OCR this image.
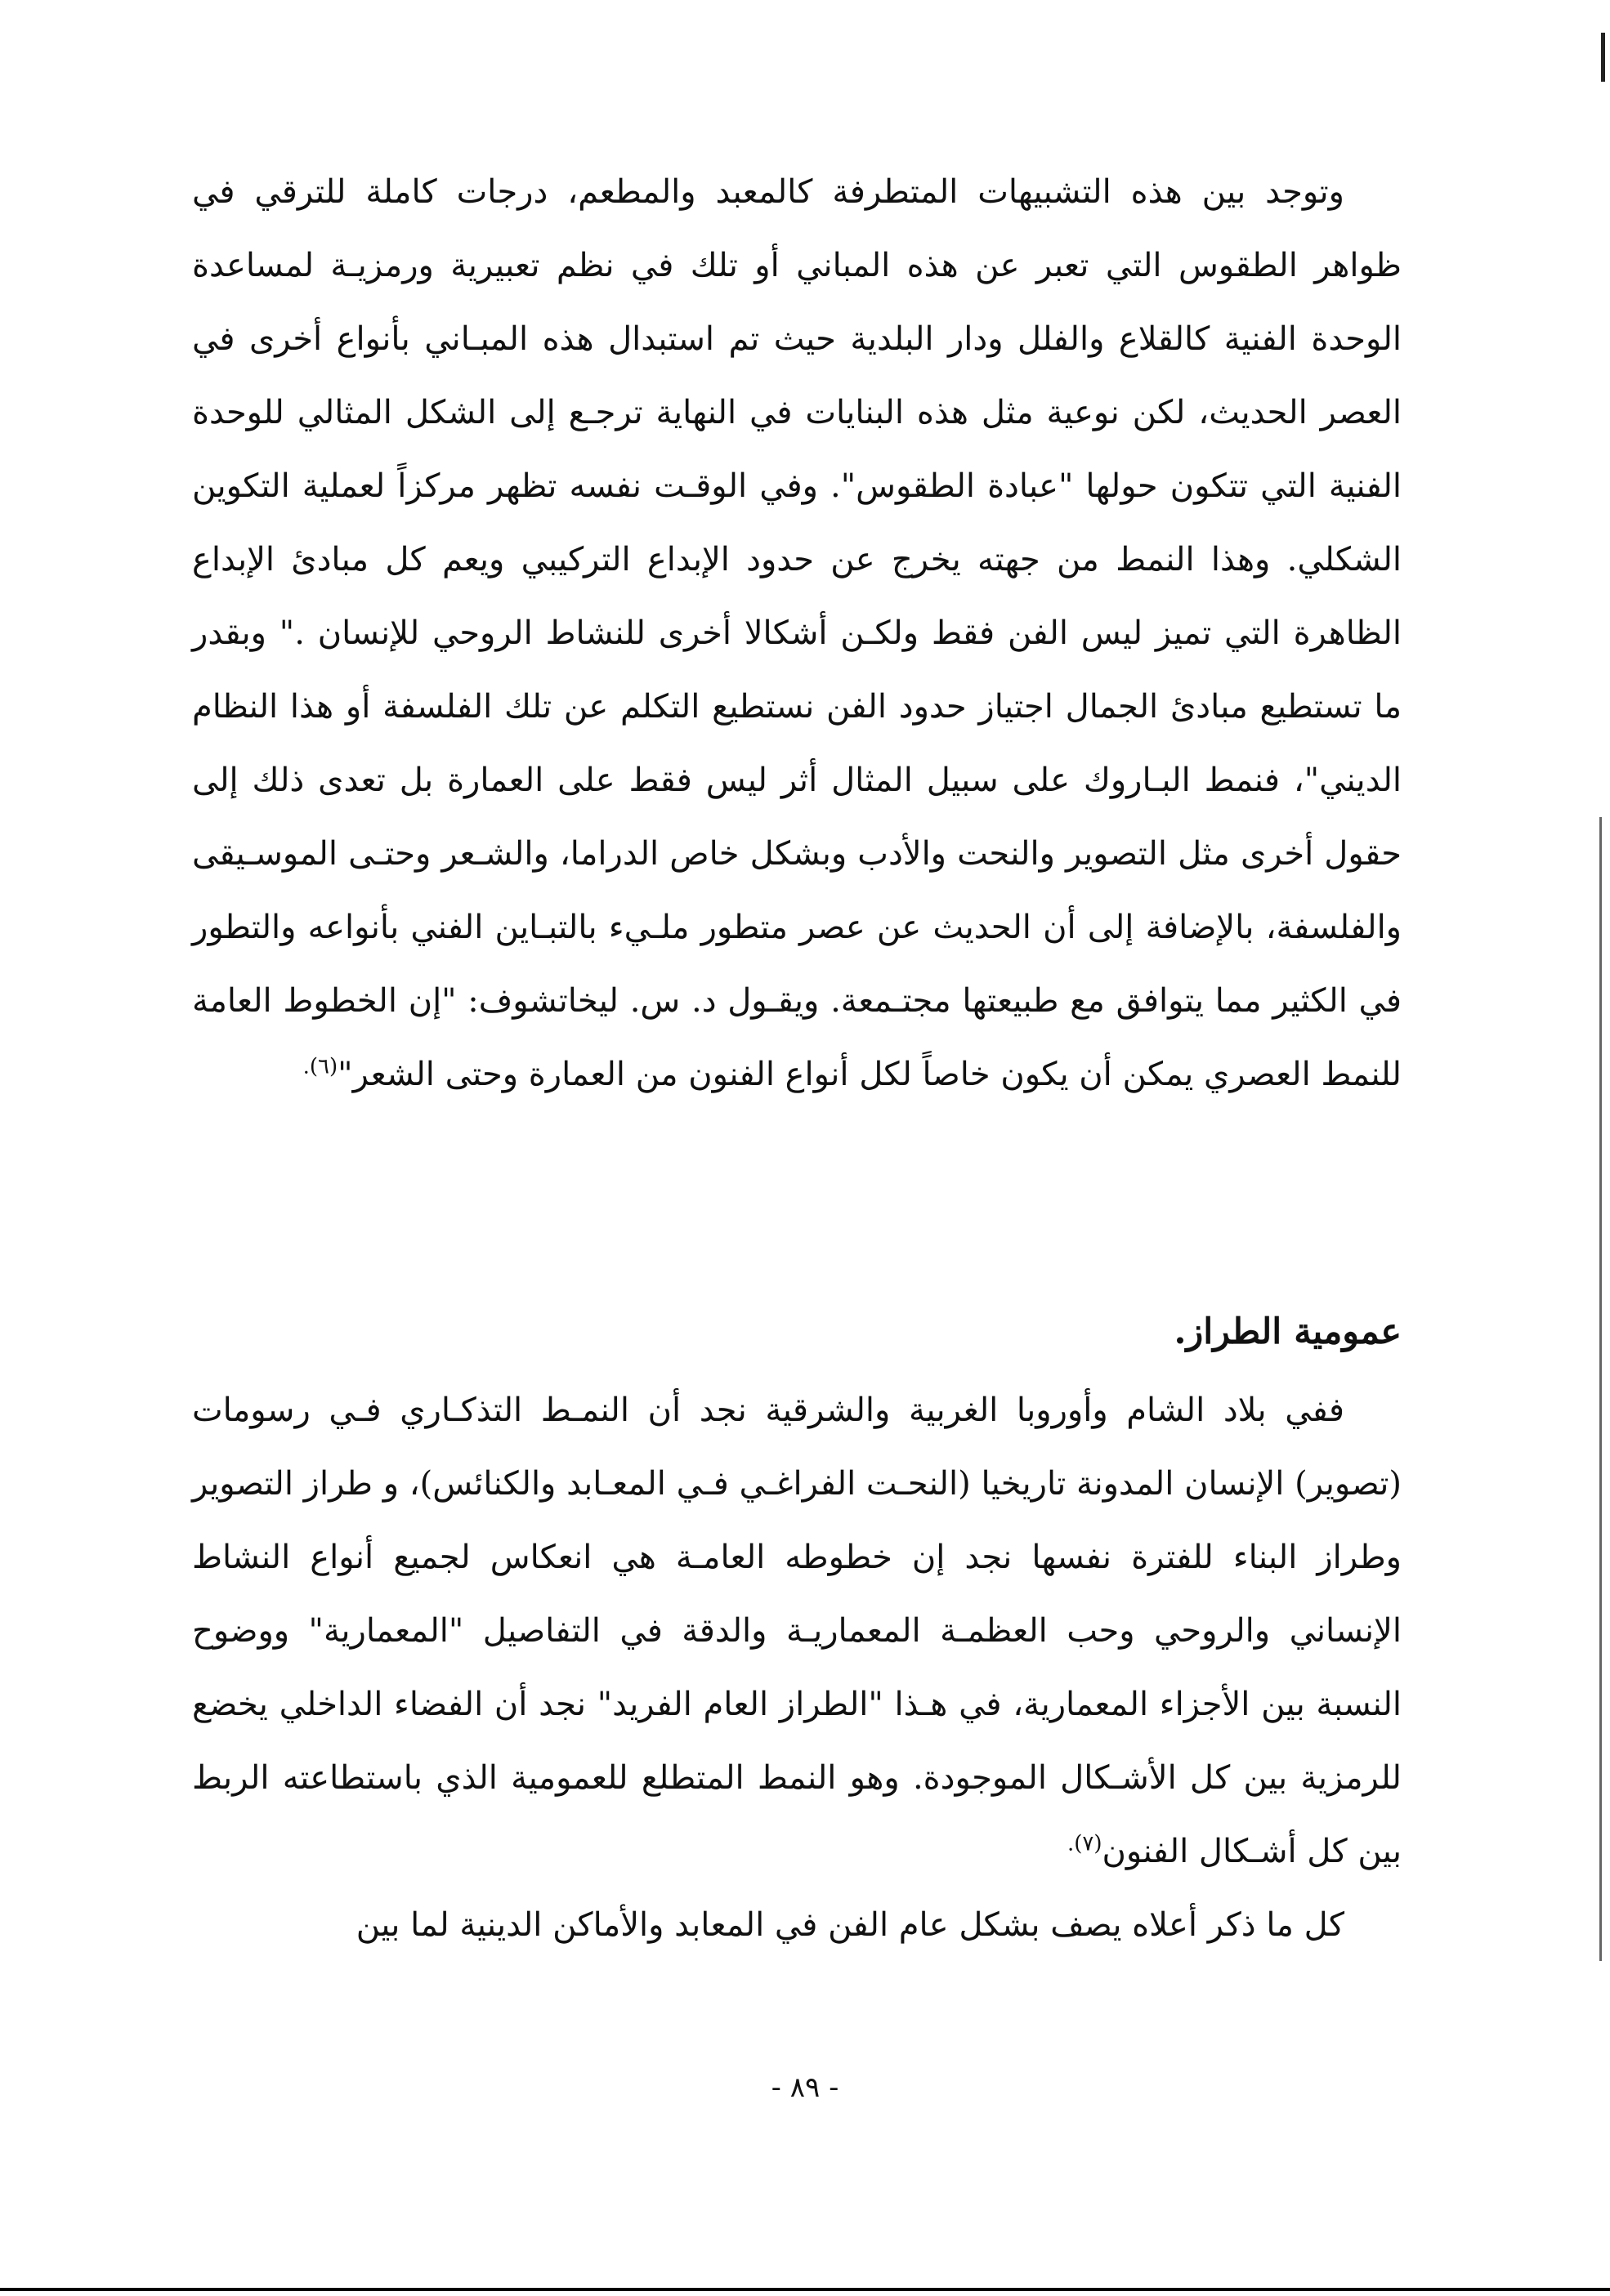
وتوجد بين هذه التشبيهات المتطرفة كالمعبد والمطعم، درجات كاملة للترقي في ظواهر الطقوس التي تعبر عن هذه المباني أو تلك في نظم تعبيرية ورمزيـة لمساعدة الوحدة الفنية كالقلاع والفلل ودار البلدية حيث تم استبدال هذه المبـاني بأنواع أخرى في العصر الحديث، لكن نوعية مثل هذه البنايات في النهاية ترجـع إلى الشكل المثالي للوحدة الفنية التي تتكون حولها "عبادة الطقوس". وفي الوقـت نفسه تظهر مركزاً لعملية التكوين الشكلي. وهذا النمط من جهته يخرج عن حدود الإبداع التركيبي ويعم كل مبادئ الإبداع الظاهرة التي تميز ليس الفن فقط ولكـن أشكالا أخرى للنشاط الروحي للإنسان ." وبقدر ما تستطيع مبادئ الجمال اجتياز حدود الفن نستطيع التكلم عن تلك الفلسفة أو هذا النظام الديني"، فنمط البـاروك على سبيل المثال أثر ليس فقط على العمارة بل تعدى ذلك إلى حقول أخرى مثل التصوير والنحت والأدب وبشكل خاص الدراما، والشـعر وحتـى الموسـيقى والفلسفة، بالإضافة إلى أن الحديث عن عصر متطور ملـيء بالتبـاين الفني بأنواعه والتطور في الكثير مما يتوافق مع طبيعتها مجتـمعة. ويقـول د. س. ليخاتشوف: "إن الخطوط العامة للنمط العصري يمكن أن يكون خاصاً لكل أنواع الفنون من العمارة وحتى الشعر"$^{(٦).}$

عمومية الطراز.

ففي بلاد الشام وأوروبا الغربية والشرقية نجد أن النمـط التذكـاري فـي رسومات (تصوير) الإنسان المدونة تاريخيا (النحـت الفراغـي فـي المعـابد والكنائس)، و طراز التصوير وطراز البناء للفترة نفسها نجد إن خطوطه العامـة هي انعكاس لجميع أنواع النشاط الإنساني والروحي وحب العظمـة المعماريـة والدقة في التفاصيل "المعمارية" ووضوح النسبة بين الأجزاء المعمارية، في هـذا "الطراز العام الفريد" نجد أن الفضاء الداخلي يخضع للرمزية بين كل الأشـكال الموجودة. وهو النمط المتطلع للعمومية الذي باستطاعته الربط بين كل أشـكال الفنون$^{(٧).}$

كل ما ذكر أعلاه يصف بشكل عام الفن في المعابد والأماكن الدينية لما بين

- ٨٩ -
